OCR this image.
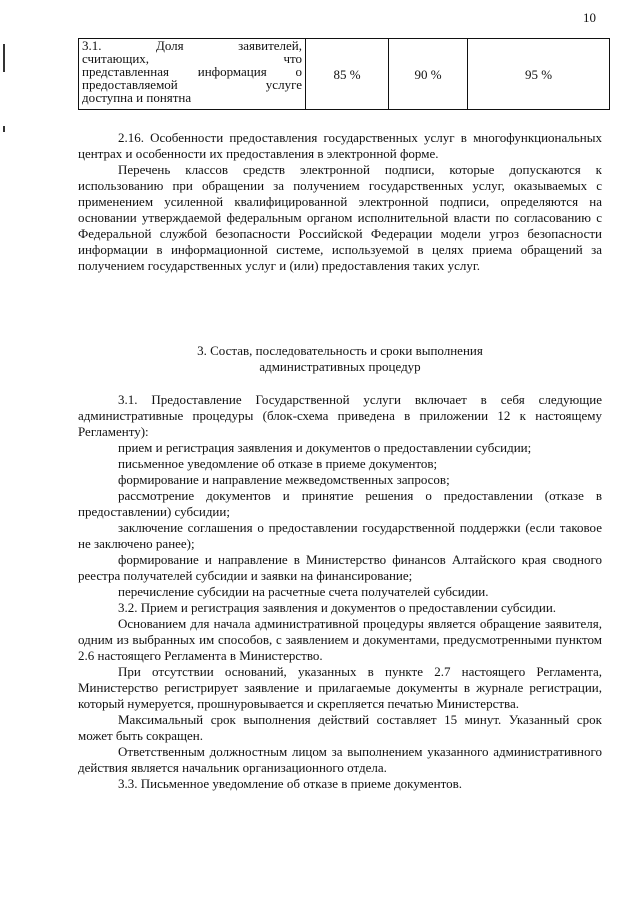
10
3.1. Доля заявителей,
считающих, что
представленная информация о
предоставляемой услуге
доступна и понятна
	85 %	90 %	95 %

2.16. Особенности предоставления государственных услуг в многофункциональных центрах и особенности их предоставления в электронной форме.

Перечень классов средств электронной подписи, которые допускаются к использованию при обращении за получением государственных услуг, оказываемых с применением усиленной квалифицированной электронной подписи, определяются на основании утверждаемой федеральным органом исполнительной власти по согласованию с Федеральной службой безопасности Российской Федерации модели угроз безопасности информации в информационной системе, используемой в целях приема обращений за получением государственных услуг и (или) предоставления таких услуг.

3. Состав, последовательность и сроки выполнения
административных процедур

3.1. Предоставление Государственной услуги включает в себя следующие административные процедуры (блок-схема приведена в приложении 12 к настоящему Регламенту):

прием и регистрация заявления и документов о предоставлении субсидии;

письменное уведомление об отказе в приеме документов;

формирование и направление межведомственных запросов;

рассмотрение документов и принятие решения о предоставлении (отказе в предоставлении) субсидии;

заключение соглашения о предоставлении государственной поддержки (если таковое не заключено ранее);

формирование и направление в Министерство финансов Алтайского края сводного реестра получателей субсидии и заявки на финансирование;

перечисление субсидии на расчетные счета получателей субсидии.

3.2. Прием и регистрация заявления и документов о предоставлении субсидии.

Основанием для начала административной процедуры является обращение заявителя, одним из выбранных им способов, с заявлением и документами, предусмотренными пунктом 2.6 настоящего Регламента в Министерство.

При отсутствии оснований, указанных в пункте 2.7 настоящего Регламента, Министерство регистрирует заявление и прилагаемые документы в журнале регистрации, который нумеруется, прошнуровывается и скрепляется печатью Министерства.

Максимальный срок выполнения действий составляет 15 минут. Указанный срок может быть сокращен.

Ответственным должностным лицом за выполнением указанного административного действия является начальник организационного отдела.

3.3. Письменное уведомление об отказе в приеме документов.
